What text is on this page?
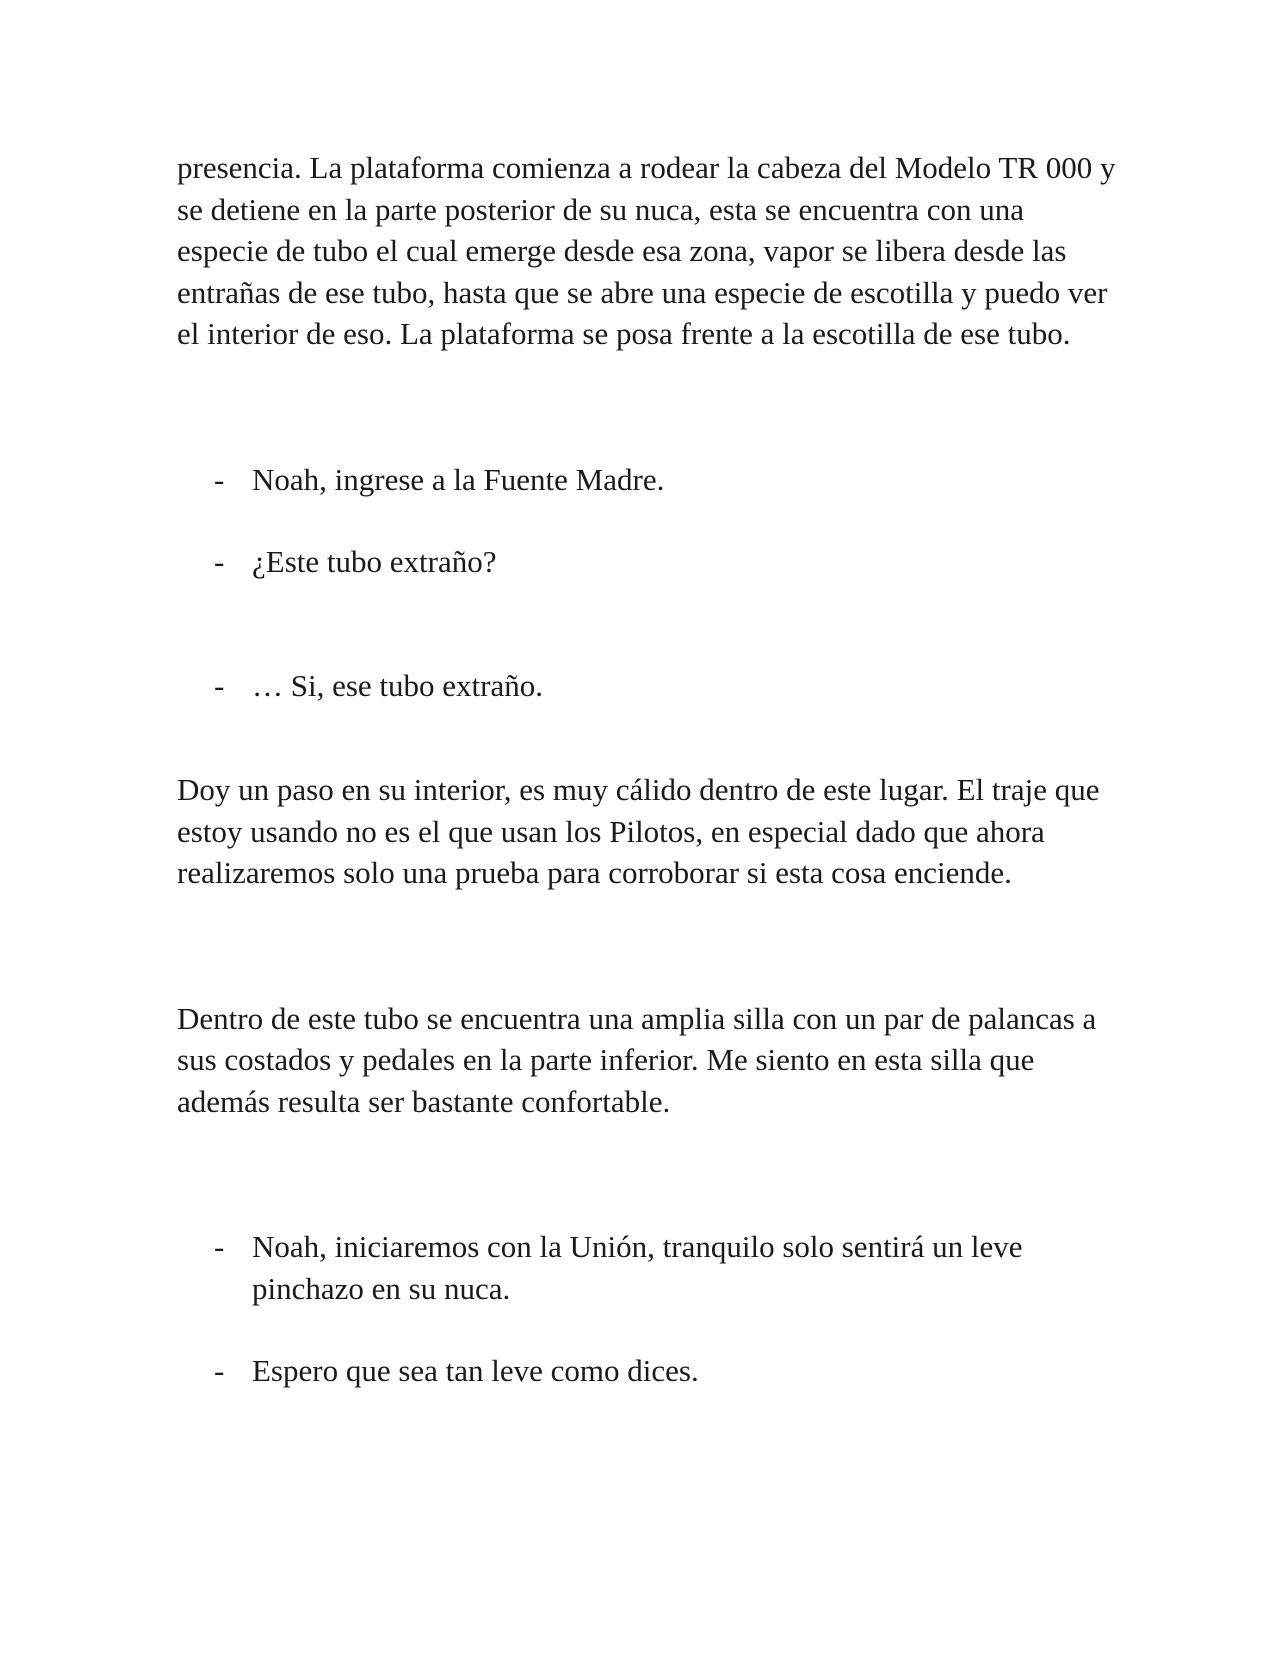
presencia. La plataforma comienza a rodear la cabeza del Modelo TR 000 y se detiene en la parte posterior de su nuca, esta se encuentra con una especie de tubo el cual emerge desde esa zona, vapor se libera desde las entrañas de ese tubo, hasta que se abre una especie de escotilla y puedo ver el interior de eso. La plataforma se posa frente a la escotilla de ese tubo.

- Noah, ingrese a la Fuente Madre.

- ¿Este tubo extraño?

- … Si, ese tubo extraño.

Doy un paso en su interior, es muy cálido dentro de este lugar. El traje que estoy usando no es el que usan los Pilotos, en especial dado que ahora realizaremos solo una prueba para corroborar si esta cosa enciende.

Dentro de este tubo se encuentra una amplia silla con un par de palancas a sus costados y pedales en la parte inferior. Me siento en esta silla que además resulta ser bastante confortable.

- Noah, iniciaremos con la Unión, tranquilo solo sentirá un leve pinchazo en su nuca.

- Espero que sea tan leve como dices.
